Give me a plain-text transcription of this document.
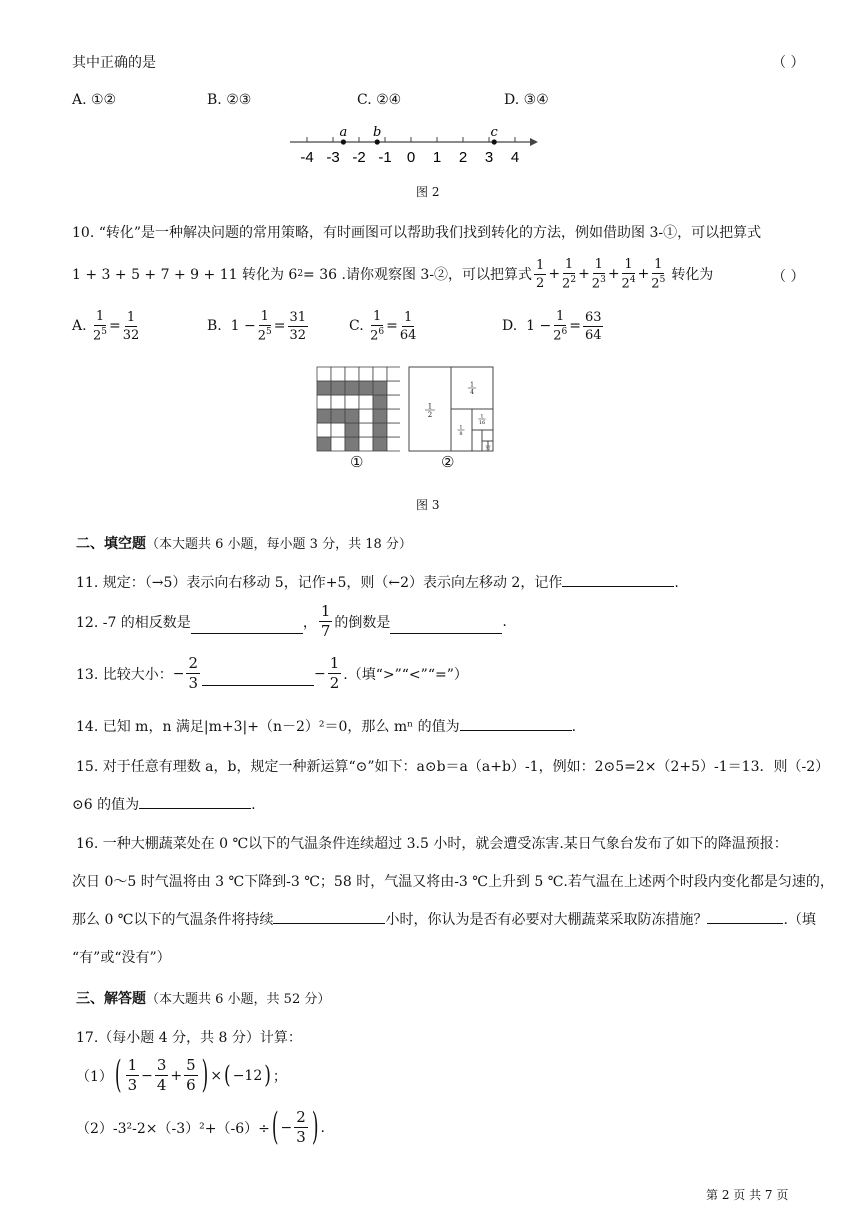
其中正确的是	（ ）
A. ①②	B. ②③	C. ②④	D. ③④
-4 -3 -2 -1 0 1 2 3 4
a b	c
图 2
10. “转化”是一种解决问题的常用策略，有时画图可以帮助我们找到转化的方法，例如借助图 3-①，可以把算式
1 + 3 + 5 + 7 + 9 + 11 转化为 6 2 = 36 .请你观察图 3-②，可以把算式 $\frac{1}{2} + \frac{1}{2^2} + \frac{1}{2^3} + \frac{1}{2^4} + \frac{1}{2^5}$ 转化为	（ ）
A.
$\frac{1}{2^5} = \frac{1}{32}$	B. $1 - \frac{1}{2^5} = \frac{31}{32}$	C.
$\frac{1}{2^6} = \frac{1}{64}$	D. $1 - \frac{1}{2^6} = \frac{63}{64}$
①
1
2
1
4
1
8
1
16
1
32
②
图 3
二、填空题（本大题共 6 小题，每小题 3 分，共 18 分）
11. 规定：（→5）表示向右移动 5，记作+5，则（←2）表示向左移动 2，记作	.
12. -7 的相反数是	， $\frac{1}{7}$ 的倒数是	.
13. 比较大小： − $\frac{2}{3}$	− $\frac{1}{2}$ .（填“>”“<”“=”）
14. 已知 m，n 满足|m+3|+（n－2）²＝0，那么 mⁿ 的值为	.
15. 对于任意有理数 a，b，规定一种新运算“⊙”如下：a⊙b＝a（a+b）-1，例如：2⊙5=2×（2+5）-1＝13．则（-2）
⊙6 的值为	.
16. 一种大棚蔬菜处在 0 ℃以下的气温条件连续超过 3.5 小时，就会遭受冻害.某日气象台发布了如下的降温预报：
次日 0～5 时气温将由 3 ℃下降到-3 ℃；58 时，气温又将由-3 ℃上升到 5 ℃.若气温在上述两个时段内变化都是匀速的，
那么 0 ℃以下的气温条件将持续	小时，你认为是否有必要对大棚蔬菜采取防冻措施？	.（填
“有”或“没有”）
三、解答题（本大题共 6 小题，共 52 分）
17.（每小题 4 分，共 8 分）计算：
（1） ( $\frac{1}{3} - \frac{3}{4} + \frac{5}{6}$ ) × ( −12 ) ；
（2） -3²-2×（-3）²+（-6）÷ ( − $\frac{2}{3}$ ) .
第 2 页 共 7 页
